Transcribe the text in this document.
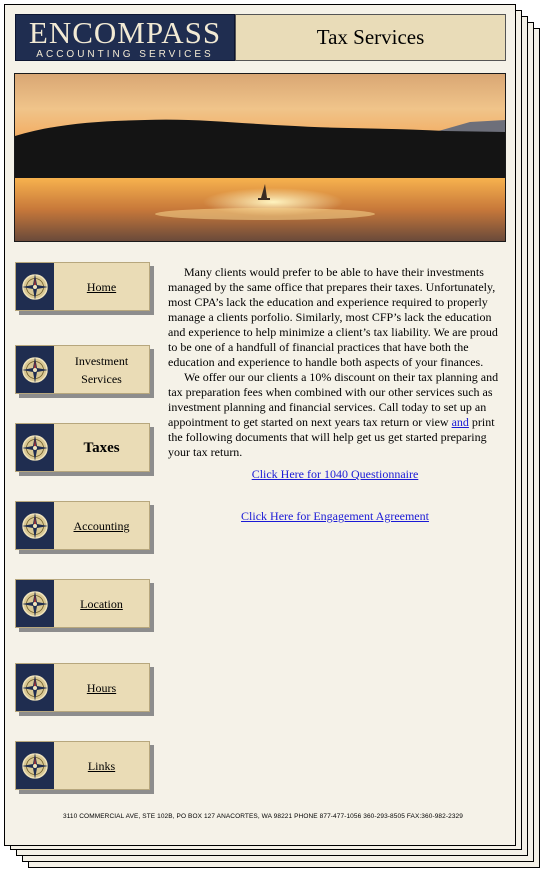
ENCOMPASS
ACCOUNTING SERVICES
Tax Services
Home
Investment
Services
Taxes
Accounting
Location
Hours
Links

Many clients would prefer to be able to have their investments managed by the same office that prepares their taxes. Unfortunately, most CPA’s lack the education and experience required to properly manage a clients porfolio. Similarly, most CFP’s lack the education and experience to help minimize a client’s tax liability. We are proud to be one of a handfull of financial practices that have both the education and experience to handle both aspects of your finances.

We offer our our clients a 10% discount on their tax planning and tax preparation fees when combined with our other services such as investment planning and financial services. Call today to set up an appointment to get started on next years tax return or view and print the following documents that will help get us get started preparing your tax return.

Click Here for 1040 Questionnaire
Click Here for Engagement Agreement
3110 COMMERCIAL AVE, STE 102B, PO BOX 127 ANACORTES, WA 98221 PHONE 877-477-1056 360-293-8505 FAX:360-982-2329
